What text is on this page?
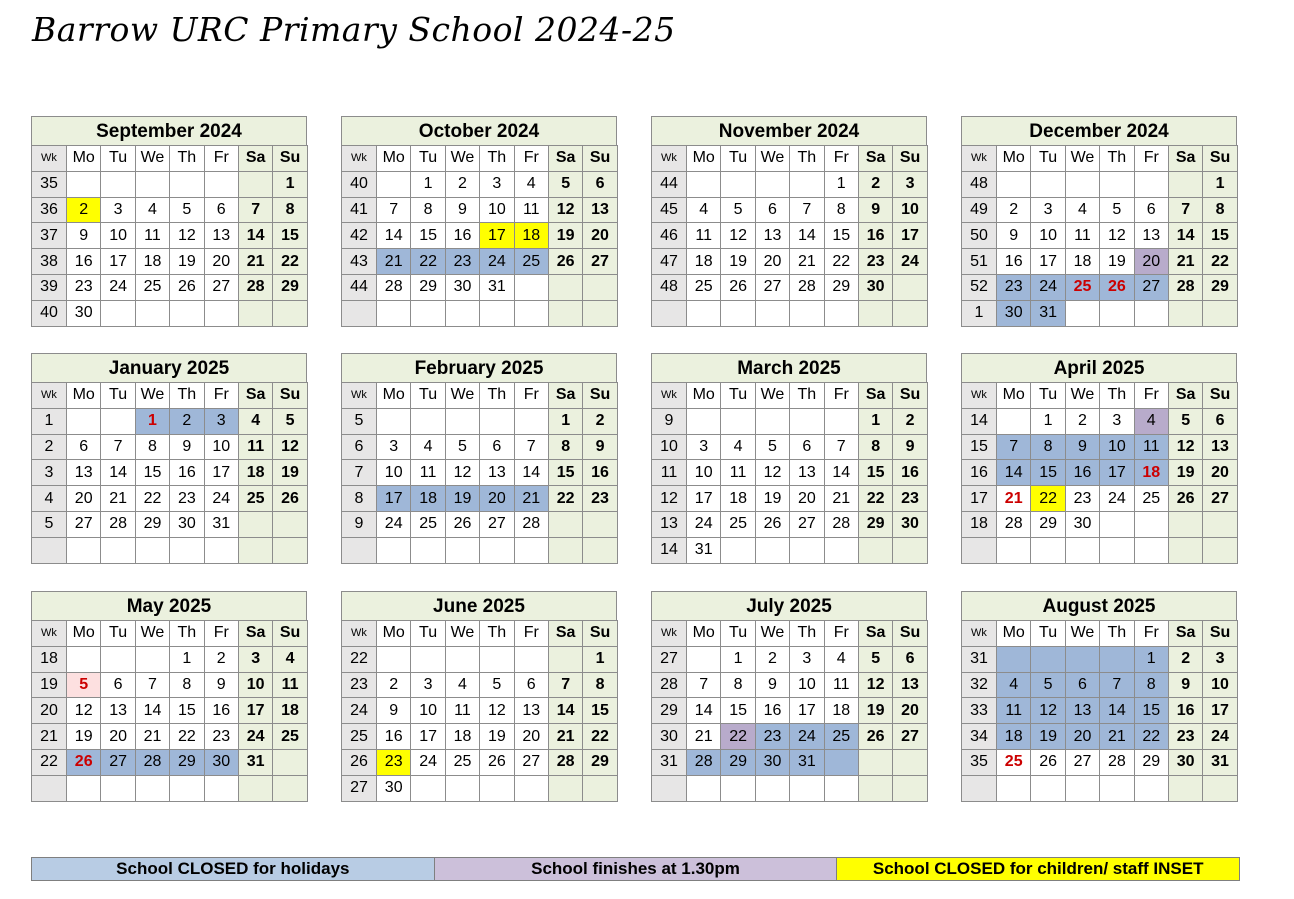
Barrow URC Primary School 2024-25
September 2024
Wk	Mo	Tu	We	Th	Fr	Sa	Su
35							1
36	2	3	4	5	6	7	8
37	9	10	11	12	13	14	15
38	16	17	18	19	20	21	22
39	23	24	25	26	27	28	29
40	30						
October 2024
Wk	Mo	Tu	We	Th	Fr	Sa	Su
40		1	2	3	4	5	6
41	7	8	9	10	11	12	13
42	14	15	16	17	18	19	20
43	21	22	23	24	25	26	27
44	28	29	30	31			

November 2024
Wk	Mo	Tu	We	Th	Fr	Sa	Su
44					1	2	3
45	4	5	6	7	8	9	10
46	11	12	13	14	15	16	17
47	18	19	20	21	22	23	24
48	25	26	27	28	29	30	

December 2024
Wk	Mo	Tu	We	Th	Fr	Sa	Su
48							1
49	2	3	4	5	6	7	8
50	9	10	11	12	13	14	15
51	16	17	18	19	20	21	22
52	23	24	25	26	27	28	29
1	30	31					
January 2025
Wk	Mo	Tu	We	Th	Fr	Sa	Su
1			1	2	3	4	5
2	6	7	8	9	10	11	12
3	13	14	15	16	17	18	19
4	20	21	22	23	24	25	26
5	27	28	29	30	31		

February 2025
Wk	Mo	Tu	We	Th	Fr	Sa	Su
5						1	2
6	3	4	5	6	7	8	9
7	10	11	12	13	14	15	16
8	17	18	19	20	21	22	23
9	24	25	26	27	28		

March 2025
Wk	Mo	Tu	We	Th	Fr	Sa	Su
9						1	2
10	3	4	5	6	7	8	9
11	10	11	12	13	14	15	16
12	17	18	19	20	21	22	23
13	24	25	26	27	28	29	30
14	31						
April 2025
Wk	Mo	Tu	We	Th	Fr	Sa	Su
14		1	2	3	4	5	6
15	7	8	9	10	11	12	13
16	14	15	16	17	18	19	20
17	21	22	23	24	25	26	27
18	28	29	30				

May 2025
Wk	Mo	Tu	We	Th	Fr	Sa	Su
18				1	2	3	4
19	5	6	7	8	9	10	11
20	12	13	14	15	16	17	18
21	19	20	21	22	23	24	25
22	26	27	28	29	30	31	

June 2025
Wk	Mo	Tu	We	Th	Fr	Sa	Su
22							1
23	2	3	4	5	6	7	8
24	9	10	11	12	13	14	15
25	16	17	18	19	20	21	22
26	23	24	25	26	27	28	29
27	30						
July 2025
Wk	Mo	Tu	We	Th	Fr	Sa	Su
27		1	2	3	4	5	6
28	7	8	9	10	11	12	13
29	14	15	16	17	18	19	20
30	21	22	23	24	25	26	27
31	28	29	30	31			

August 2025
Wk	Mo	Tu	We	Th	Fr	Sa	Su
31					1	2	3
32	4	5	6	7	8	9	10
33	11	12	13	14	15	16	17
34	18	19	20	21	22	23	24
35	25	26	27	28	29	30	31

School CLOSED for holidays	School finishes at 1.30pm	School CLOSED for children/ staff INSET
